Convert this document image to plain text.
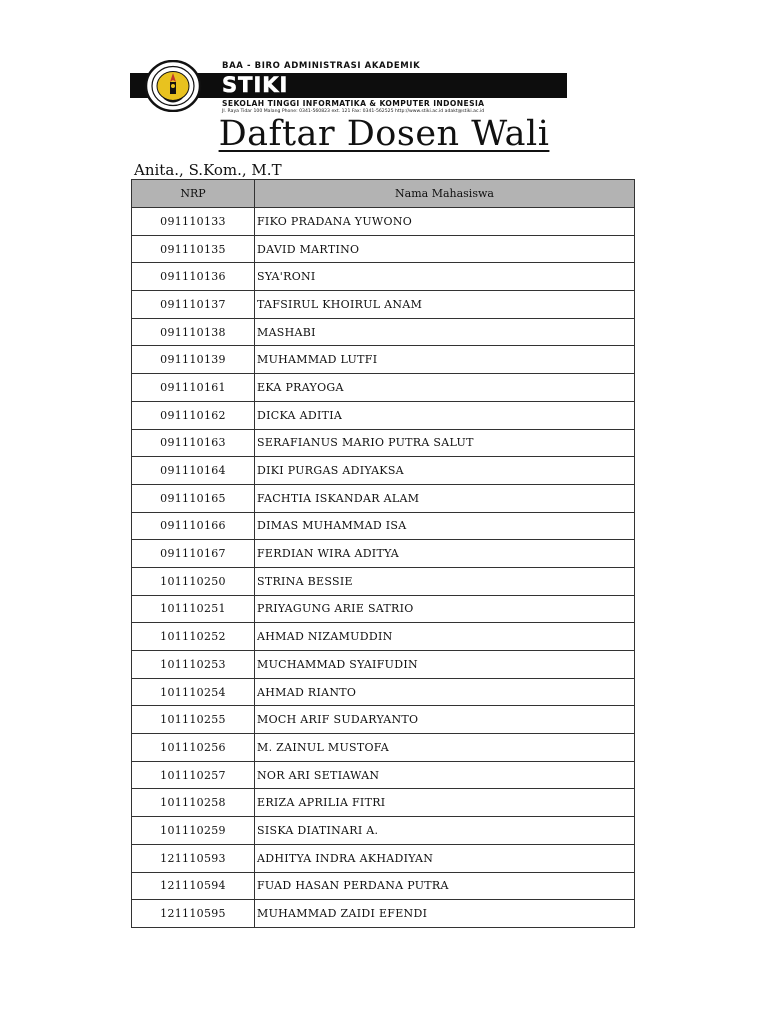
BAA - BIRO ADMINISTRASI AKADEMIK
STIKI
SEKOLAH TINGGI INFORMATIKA & KOMPUTER INDONESIA
Jl. Raya Tidar 100 Malang Phone: 0341-560823 ext. 121 Fax: 0341-562525 http://www.stiki.ac.id adakt@stiki.ac.id
Daftar Dosen Wali
Anita., S.Kom., M.T
NRP	Nama Mahasiswa
091110133	FIKO PRADANA YUWONO
091110135	DAVID MARTINO
091110136	SYA'RONI
091110137	TAFSIRUL KHOIRUL ANAM
091110138	MASHABI
091110139	MUHAMMAD LUTFI
091110161	EKA PRAYOGA
091110162	DICKA ADITIA
091110163	SERAFIANUS MARIO PUTRA SALUT
091110164	DIKI PURGAS ADIYAKSA
091110165	FACHTIA ISKANDAR ALAM
091110166	DIMAS MUHAMMAD ISA
091110167	FERDIAN WIRA ADITYA
101110250	STRINA BESSIE
101110251	PRIYAGUNG ARIE SATRIO
101110252	AHMAD NIZAMUDDIN
101110253	MUCHAMMAD SYAIFUDIN
101110254	AHMAD RIANTO
101110255	MOCH ARIF SUDARYANTO
101110256	M. ZAINUL MUSTOFA
101110257	NOR ARI SETIAWAN
101110258	ERIZA APRILIA FITRI
101110259	SISKA DIATINARI A.
121110593	ADHITYA INDRA AKHADIYAN
121110594	FUAD HASAN PERDANA PUTRA
121110595	MUHAMMAD ZAIDI EFENDI
